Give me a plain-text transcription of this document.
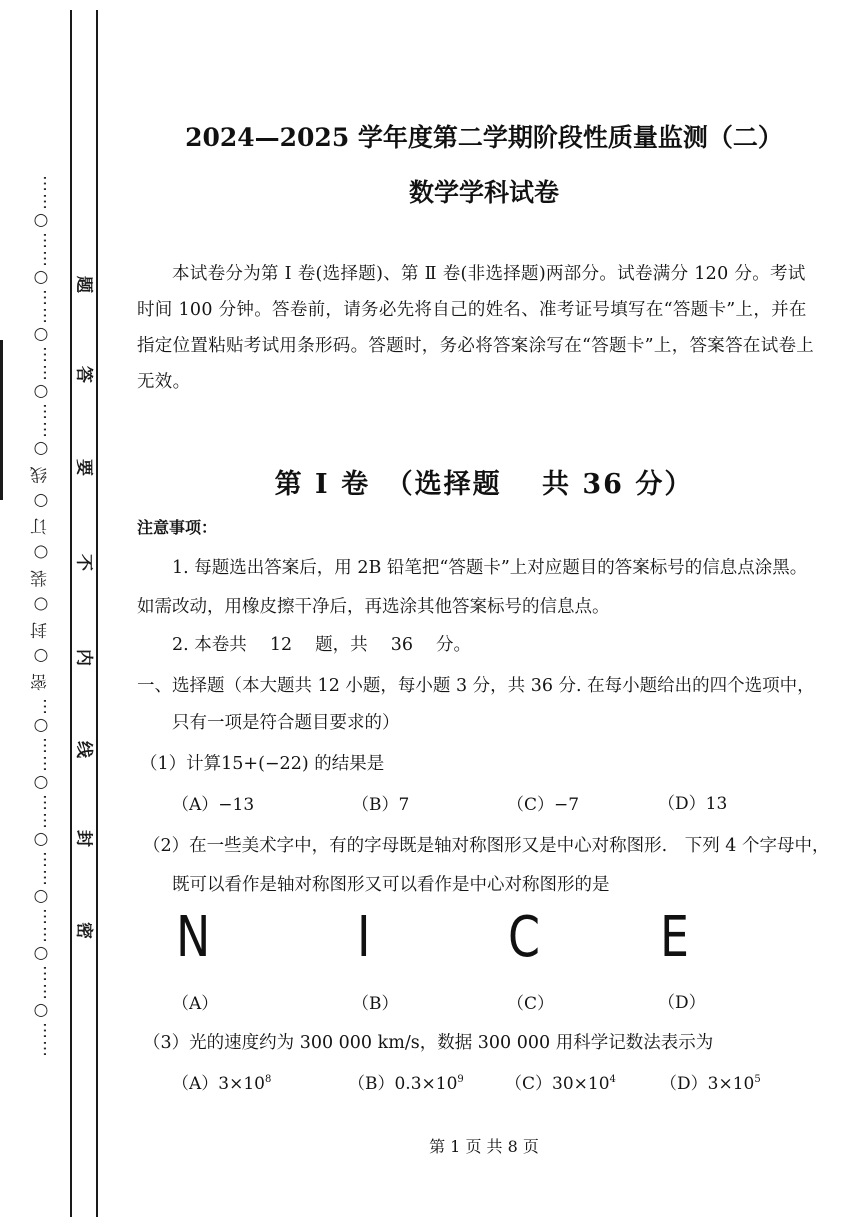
……○……○……○……○……○……○… 密 ○ 封 ○ 装 ○ 订 ○ 线 ○……○……○……○……○……	题
答
要
不
内
线
封
密
2024—2025 学年度第二学期阶段性质量监测（二）
数学学科试卷

本试卷分为第 Ⅰ 卷(选择题)、第 Ⅱ 卷(非选择题)两部分。试卷满分 120 分。考试时间 100 分钟。答卷前，请务必先将自己的姓名、准考证号填写在“答题卡”上，并在指定位置粘贴考试用条形码。答题时，务必将答案涂写在“答题卡”上，答案答在试卷上无效。

第 Ⅰ 卷　（选择题　 共 36 分）
注意事项：
1. 每题选出答案后，用 2B 铅笔把“答题卡”上对应题目的答案标号的信息点涂黑。
如需改动，用橡皮擦干净后，再选涂其他答案标号的信息点。
2. 本卷共　 12 　题，共　 36 　分。
一、选择题（本大题共 12 小题，每小题 3 分，共 36 分. 在每小题给出的四个选项中，
只有一项是符合题目要求的）
（1）计算15+(−22) 的结果是
（A）−13	（B）7	（C）−7	（D）13
（2）在一些美术字中，有的字母既是轴对称图形又是中心对称图形.　下列 4 个字母中，
既可以看作是轴对称图形又可以看作是中心对称图形的是
N	I C E
（A）	（B）	（C）	（D）
（3）光的速度约为 300 000 km/s，数据 300 000 用科学记数法表示为
$(A)3\times 10^8$	$(B)0.3\times 10^9$ $(C)30\times 10^4$	$(D)3\times 10^5$
第 1 页 共 8 页
